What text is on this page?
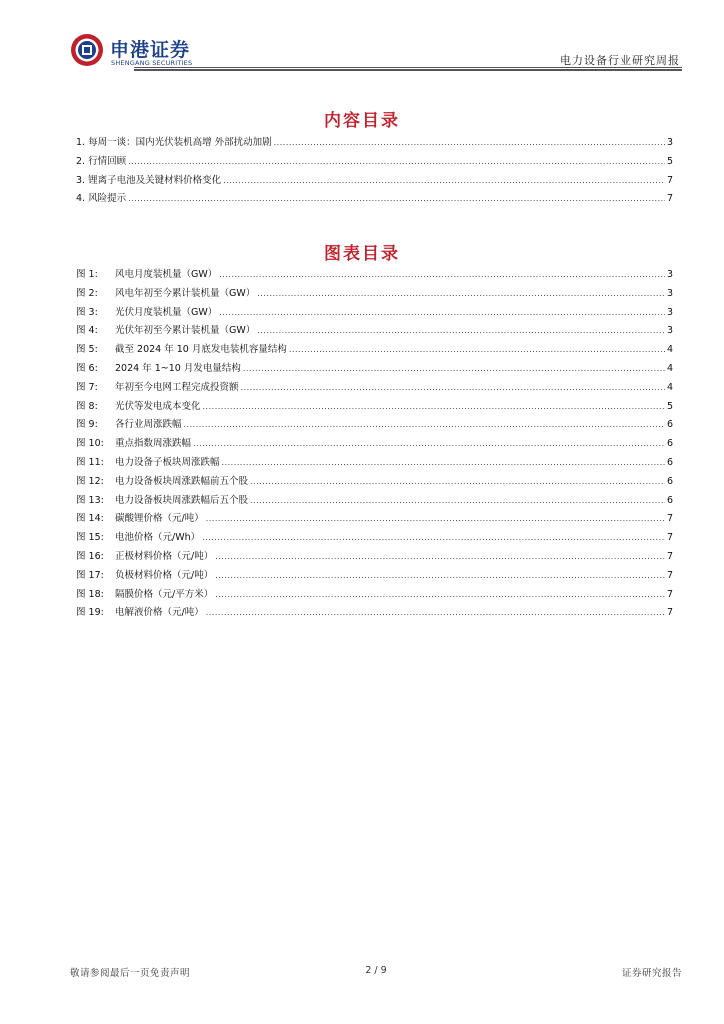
申港证券
SHENGANG SECURITIES	电力设备行业研究周报
内容目录
1. 每周一谈：国内光伏装机高增 外部扰动加剧 .....	3
2. 行情回顾 .....	5
3. 锂离子电池及关键材料价格变化 .....	7
4. 风险提示 .....	7
图表目录
图 1: 风电月度装机量（GW） .....	3
图 2: 风电年初至今累计装机量（GW） .....	3
图 3: 光伏月度装机量（GW） .....	3
图 4: 光伏年初至今累计装机量（GW） .....	3
图 5: 截至 2024 年 10 月底发电装机容量结构 .....	4
图 6: 2024 年 1~10 月发电量结构 .....	4
图 7: 年初至今电网工程完成投资额 .....	4
图 8: 光伏等发电成本变化 .....	5
图 9: 各行业周涨跌幅 .....	6
图 10: 重点指数周涨跌幅 .....	6
图 11: 电力设备子板块周涨跌幅 .....	6
图 12: 电力设备板块周涨跌幅前五个股 .....	6
图 13: 电力设备板块周涨跌幅后五个股 .....	6
图 14: 碳酸锂价格（元/吨） .....	7
图 15: 电池价格（元/Wh） .....	7
图 16: 正极材料价格（元/吨） .....	7
图 17: 负极材料价格（元/吨） .....	7
图 18: 隔膜价格（元/平方米） .....	7
图 19: 电解液价格（元/吨） .....	7
敬请参阅最后一页免责声明	2 / 9	证券研究报告
